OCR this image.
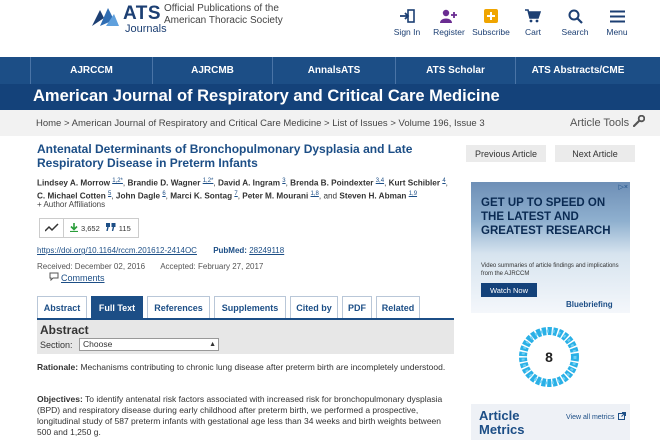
ATS
Journals
Official Publications of the American Thoracic Society
Sign In Register Subscribe Cart Search Menu
AJRCCM	AJRCMB	AnnalsATS	ATS Scholar	ATS Abstracts/CME
American Journal of Respiratory and Critical Care Medicine
Home > American Journal of Respiratory and Critical Care Medicine > List of Issues > Volume 196, Issue 3	Article Tools
Antenatal Determinants of Bronchopulmonary Dysplasia and Late Respiratory Disease in Preterm Infants
Lindsey A. Morrow $^{1,2*}$, Brandie D. Wagner $^{1,2*}$, David A. Ingram $^3$, Brenda B. Poindexter $^{3,4}$, Kurt Schibler $^4$, C. Michael Cotten $^5$, John Dagle $^6$, Marci K. Sontag $^7$, Peter M. Mourani $^{1,8}$, and Steven H. Abman $^{1,9}$
+ Author Affiliations
3,652	115
https://doi.org/10.1164/rccm.201612-2414OC PubMed: 28249118
Received: December 02, 2016 Accepted: February 27, 2017
Comments
Abstract	Full Text	References	Supplements	Cited by	PDF	Related
Abstract
Section:	Choose	▲

Rationale: Mechanisms contributing to chronic lung disease after preterm birth are incompletely understood.
Objectives: To identify antenatal risk factors associated with increased risk for bronchopulmonary dysplasia (BPD) and respiratory disease during early childhood after preterm birth, we performed a prospective, longitudinal study of 587 preterm infants with gestational age less than 34 weeks and birth weights between 500 and 1,250 g.
Previous Article	Next Article
▷×
GET UP TO SPEED ON THE LATEST AND GREATEST RESEARCH
Video summaries of article findings and implications from the AJRCCM
Watch Now
Bluebriefing
8
Article Metrics
View all metrics
